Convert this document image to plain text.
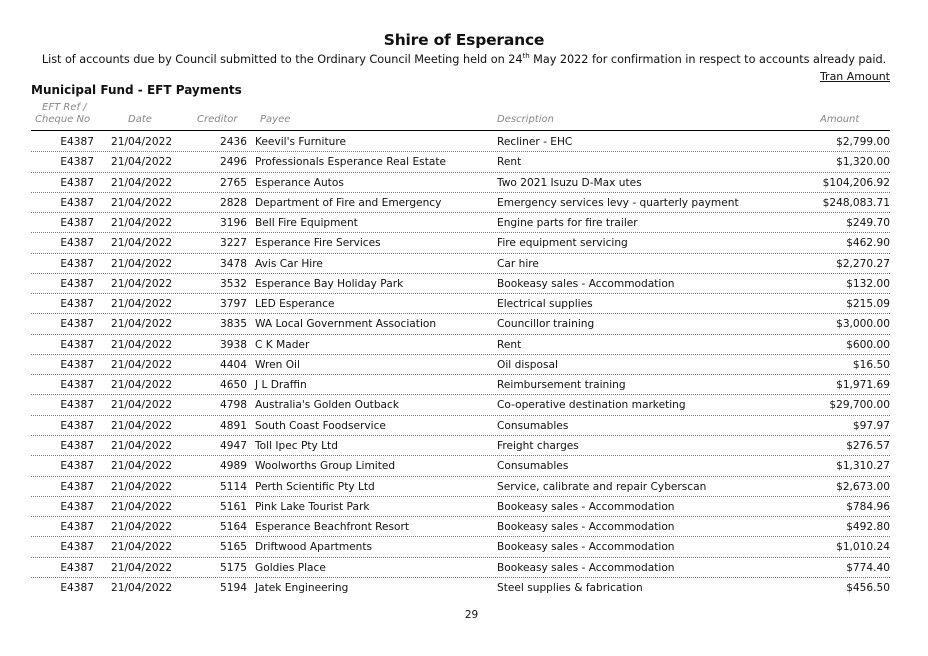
Shire of Esperance
List of accounts due by Council submitted to the Ordinary Council Meeting held on 24th May 2022 for confirmation in respect to accounts already paid.
Tran Amount
Municipal Fund - EFT Payments
EFT Ref /
Cheque No	Date	Creditor Payee	Description	Amount
E4387 21/04/2022	2436 Keevil's Furniture	Recliner - EHC	$2,799.00
E4387 21/04/2022	2496 Professionals Esperance Real Estate	Rent	$1,320.00
E4387 21/04/2022	2765 Esperance Autos	Two 2021 Isuzu D-Max utes	$104,206.92
E4387 21/04/2022	2828 Department of Fire and Emergency	Emergency services levy - quarterly payment	$248,083.71
E4387 21/04/2022	3196 Bell Fire Equipment	Engine parts for fire trailer	$249.70
E4387 21/04/2022	3227 Esperance Fire Services	Fire equipment servicing	$462.90
E4387 21/04/2022	3478 Avis Car Hire	Car hire	$2,270.27
E4387 21/04/2022	3532 Esperance Bay Holiday Park	Bookeasy sales - Accommodation	$132.00
E4387 21/04/2022	3797 LED Esperance	Electrical supplies	$215.09
E4387 21/04/2022	3835 WA Local Government Association	Councillor training	$3,000.00
E4387 21/04/2022	3938 C K Mader	Rent	$600.00
E4387 21/04/2022	4404 Wren Oil	Oil disposal	$16.50
E4387 21/04/2022	4650 J L Draffin	Reimbursement training	$1,971.69
E4387 21/04/2022	4798 Australia's Golden Outback	Co-operative destination marketing	$29,700.00
E4387 21/04/2022	4891 South Coast Foodservice	Consumables	$97.97
E4387 21/04/2022	4947 Toll Ipec Pty Ltd	Freight charges	$276.57
E4387 21/04/2022	4989 Woolworths Group Limited	Consumables	$1,310.27
E4387 21/04/2022	5114 Perth Scientific Pty Ltd	Service, calibrate and repair Cyberscan	$2,673.00
E4387 21/04/2022	5161 Pink Lake Tourist Park	Bookeasy sales - Accommodation	$784.96
E4387 21/04/2022	5164 Esperance Beachfront Resort	Bookeasy sales - Accommodation	$492.80
E4387 21/04/2022	5165 Driftwood Apartments	Bookeasy sales - Accommodation	$1,010.24
E4387 21/04/2022	5175 Goldies Place	Bookeasy sales - Accommodation	$774.40
E4387 21/04/2022	5194 Jatek Engineering	Steel supplies & fabrication	$456.50
29
